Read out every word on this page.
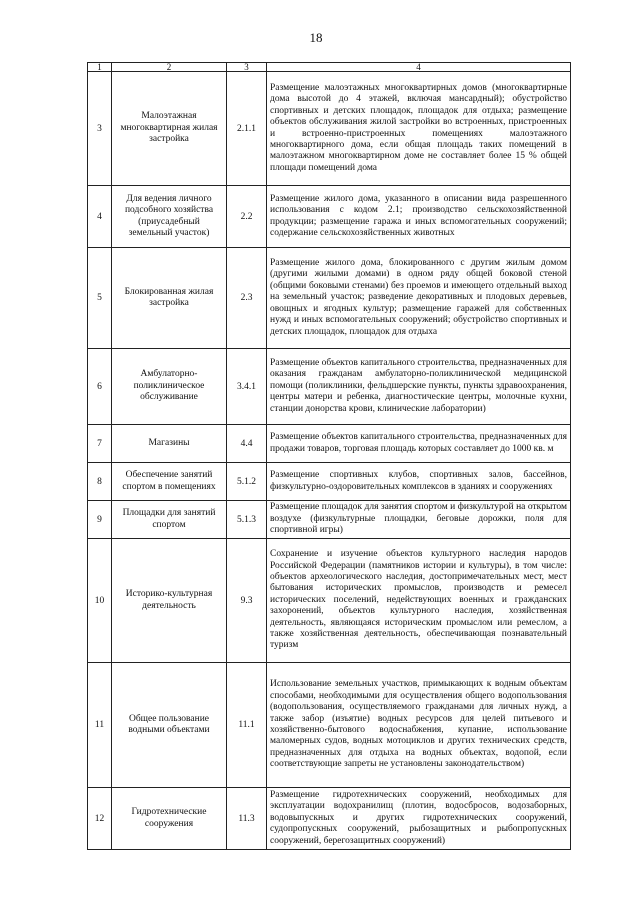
18
1	2	3	4
3	Малоэтажная многоквартирная жилая застройка	2.1.1	Размещение малоэтажных многоквартирных домов (многоквартирные дома высотой до 4 этажей, включая мансардный); обустройство спортивных и детских площадок, площадок для отдыха; размещение объектов обслуживания жилой застройки во встроенных, пристроенных и встроенно-пристроенных помещениях малоэтажного многоквартирного дома, если общая площадь таких помещений в малоэтажном многоквартирном доме не составляет более 15 % общей площади помещений дома
4	Для ведения личного подсобного хозяйства (приусадебный земельный участок)	2.2	Размещение жилого дома, указанного в описании вида разрешенного использования с кодом 2.1; производство сельскохозяйственной продукции; размещение гаража и иных вспомогательных сооружений; содержание сельскохозяйственных животных
5	Блокированная жилая застройка	2.3	Размещение жилого дома, блокированного с другим жилым домом (другими жилыми домами) в одном ряду общей боковой стеной (общими боковыми стенами) без проемов и имеющего отдельный выход на земельный участок; разведение декоративных и плодовых деревьев, овощных и ягодных культур; размещение гаражей для собственных нужд и иных вспомогательных сооружений; обустройство спортивных и детских площадок, площадок для отдыха
6	Амбулаторно-поликлиническое обслуживание	3.4.1	Размещение объектов капитального строительства, предназначенных для оказания гражданам амбулаторно-поликлинической медицинской помощи (поликлиники, фельдшерские пункты, пункты здравоохранения, центры матери и ребенка, диагностические центры, молочные кухни, станции донорства крови, клинические лаборатории)
7	Магазины	4.4	Размещение объектов капитального строительства, предназначенных для продажи товаров, торговая площадь которых составляет до 1000 кв. м
8	Обеспечение занятий спортом в помещениях	5.1.2	Размещение спортивных клубов, спортивных залов, бассейнов, физкультурно-оздоровительных комплексов в зданиях и сооружениях
9	Площадки для занятий спортом	5.1.3	Размещение площадок для занятия спортом и физкультурой на открытом воздухе (физкультурные площадки, беговые дорожки, поля для спортивной игры)
10	Историко-культурная деятельность	9.3	Сохранение и изучение объектов культурного наследия народов Российской Федерации (памятников истории и культуры), в том числе: объектов археологического наследия, достопримечательных мест, мест бытования исторических промыслов, производств и ремесел исторических поселений, недействующих военных и гражданских захоронений, объектов культурного наследия, хозяйственная деятельность, являющаяся историческим промыслом или ремеслом, а также хозяйственная деятельность, обеспечивающая познавательный туризм
11	Общее пользование водными объектами	11.1	Использование земельных участков, примыкающих к водным объектам способами, необходимыми для осуществления общего водопользования (водопользования, осуществляемого гражданами для личных нужд, а также забор (изъятие) водных ресурсов для целей питьевого и хозяйственно-бытового водоснабжения, купание, использование маломерных судов, водных мотоциклов и других технических средств, предназначенных для отдыха на водных объектах, водопой, если соответствующие запреты не установлены законодательством)
12	Гидротехнические сооружения	11.3	Размещение гидротехнических сооружений, необходимых для эксплуатации водохранилищ (плотин, водосбросов, водозаборных, водовыпускных и других гидротехнических сооружений, судопропускных сооружений, рыбозащитных и рыбопропускных сооружений, берегозащитных сооружений)
